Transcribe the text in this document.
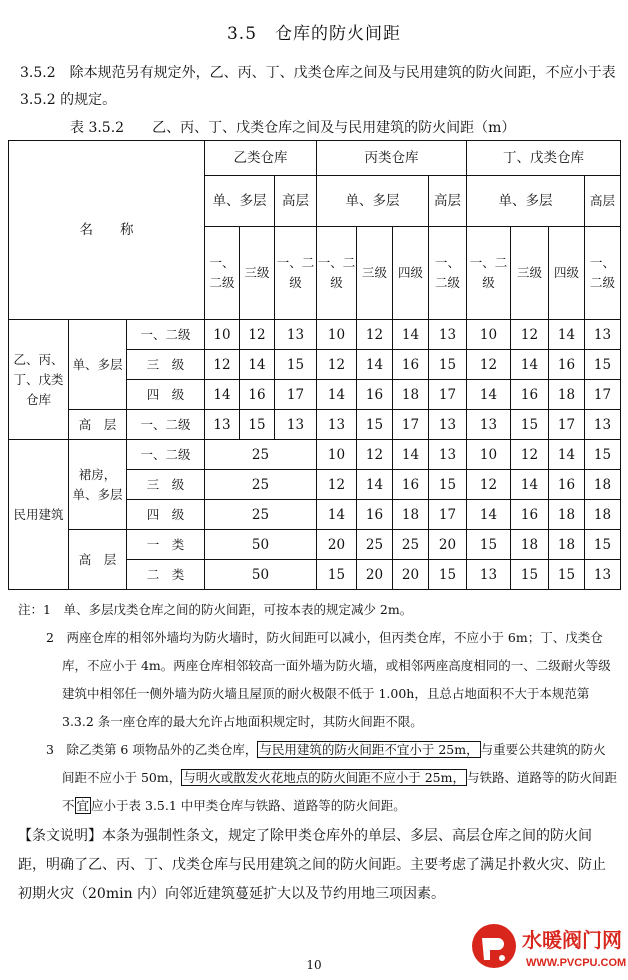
3.5　仓库的防火间距
3.5.2　除本规范另有规定外，乙、丙、丁、戊类仓库之间及与民用建筑的防火间距，不应小于表 3.5.2 的规定。
表 3.5.2　　乙、丙、丁、戊类仓库之间及与民用建筑的防火间距（m）
名　　称			乙类仓库			丙类仓库				丁、戊类仓库			
			单、多层		高层	单、多层			高层	单、多层			高层
			一、二级	三级	一、二级	一、二级	三级	四级	一、二级	一、二级	三级	四级	一、二级
乙、丙、丁、戊类仓库	单、多层	一、二级	10	12	13	10	12	14	13	10	12	14	13
		三　级	12	14	15	12	14	16	15	12	14	16	15
		四　级	14	16	17	14	16	18	17	14	16	18	17
	高　层	一、二级	13	15	13	13	15	17	13	13	15	17	13
民用建筑	裙房，单、多层	一、二级	25			10	12	14	13	10	12	14	15
		三　级	25			12	14	16	15	12	14	16	18
		四　级	25			14	16	18	17	14	16	18	18
	高　层	一　类	50			20	25	25	20	15	18	18	15
		二　类	50			15	20	20	15	13	15	15	13

注：1　单、多层戊类仓库之间的防火间距，可按本表的规定减少 2m。

2　两座仓库的相邻外墙均为防火墙时，防火间距可以减小，但丙类仓库，不应小于 6m；丁、戊类仓库，不应小于 4m。两座仓库相邻较高一面外墙为防火墙，或相邻两座高度相同的一、二级耐火等级建筑中相邻任一侧外墙为防火墙且屋顶的耐火极限不低于 1.00h，且总占地面积不大于本规范第 3.3.2 条一座仓库的最大允许占地面积规定时，其防火间距不限。

3　除乙类第 6 项物品外的乙类仓库， 与民用建筑的防火间距不宜小于 25m， 与重要公共建筑的防火间距不应小于 50m， 与明火或散发火花地点的防火间距不应小于 25m， 与铁路、道路等的防火间距不 宜 应小于表 3.5.1 中甲类仓库与铁路、道路等的防火间距。

【条文说明】本条为强制性条文，规定了除甲类仓库外的单层、多层、高层仓库之间的防火间距，明确了乙、丙、丁、戊类仓库与民用建筑之间的防火间距。主要考虑了满足扑救火灾、防止初期火灾（20min 内）向邻近建筑蔓延扩大以及节约用地三项因素。
水暖阀门网
WWW.PVCPU.COM
10
